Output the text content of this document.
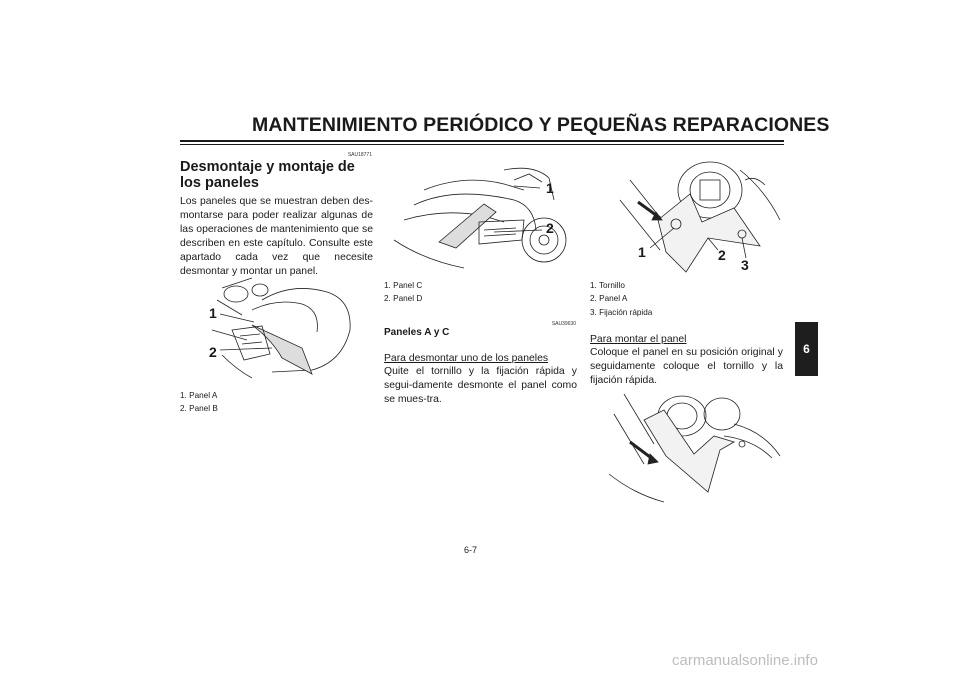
MANTENIMIENTO PERIÓDICO Y PEQUEÑAS REPARACIONES
SAU18771
Desmontaje y montaje de los paneles
Los paneles que se muestran deben des-montarse para poder realizar algunas de las operaciones de mantenimiento que se describen en este capítulo. Consulte este apartado cada vez que necesite desmontar y montar un panel.
1
2
1. Panel A
2. Panel B
1
2
1. Panel C
2. Panel D
SAU39630
Paneles A y C
Para desmontar uno de los paneles
Quite el tornillo y la fijación rápida y segui-damente desmonte el panel como se mues-tra.
1	2
3
1. Tornillo
2. Panel A
3. Fijación rápida
Para montar el panel
Coloque el panel en su posición original y seguidamente coloque el tornillo y la fijación rápida.
6
6-7
carmanualsonline.info
